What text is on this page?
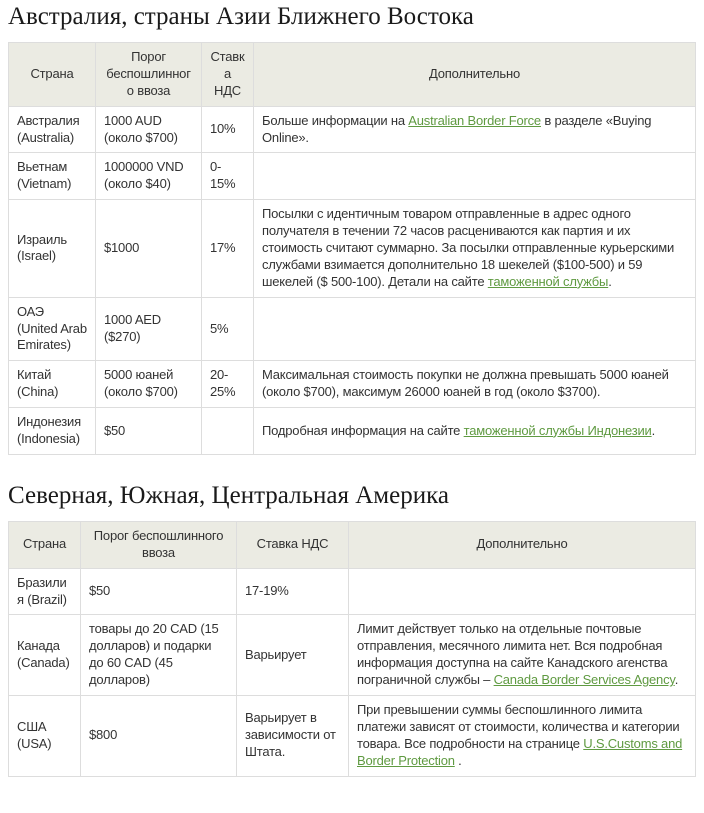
Австралия, страны Азии Ближнего Востока
Страна	Порог беспошлинного ввоза	Ставка НДС	Дополнительно
Австралия (Australia)	1000 AUD (около $700)	10%	Больше информации на Australian Border Force в разделе «Buying Online».
Вьетнам (Vietnam)	1000000 VND (около $40)	0-15%	
Израиль (Israel)	$1000	17%	Посылки с идентичным товаром отправленные в адрес одного получателя в течении 72 часов расцениваются как партия и их стоимость считают суммарно. За посылки отправленные курьерскими службами взимается дополнительно 18 шекелей ($100-500) и 59 шекелей ($ 500-100). Детали на сайте таможенной службы.
ОАЭ (United Arab Emirates)	1000 AED ($270)	5%	
Китай (China)	5000 юаней (около $700)	20-25%	Максимальная стоимость покупки не должна превышать 5000 юаней (около $700), максимум 26000 юаней в год (около $3700).
Индонезия (Indonesia)	$50		Подробная информация на сайте таможенной службы Индонезии.
Северная, Южная, Центральная Америка
Страна	Порог беспошлинного ввоза	Ставка НДС	Дополнительно
Бразилия (Brazil)	$50	17-19%	
Канада (Canada)	товары до 20 CAD (15 долларов) и подарки до 60 CAD (45 долларов)	Варьирует	Лимит действует только на отдельные почтовые отправления, месячного лимита нет. Вся подробная информация доступна на сайте Канадского агенства пограничной службы – Canada Border Services Agency.
США (USA)	$800	Варьирует в зависимости от Штата.	При превышении суммы беспошлинного лимита платежи зависят от стоимости, количества и категории товара. Все подробности на странице U.S.Customs and Border Protection .
